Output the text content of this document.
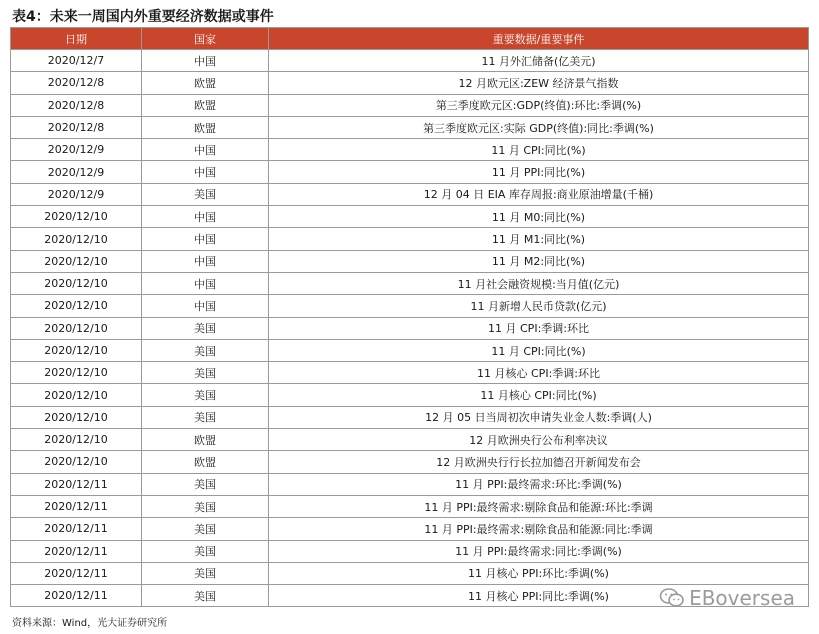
表4：未来一周国内外重要经济数据或事件
日期	国家	重要数据/重要事件
2020/12/7	中国	11 月外汇储备(亿美元)
2020/12/8	欧盟	12 月欧元区:ZEW 经济景气指数
2020/12/8	欧盟	第三季度欧元区:GDP(终值):环比:季调(%)
2020/12/8	欧盟	第三季度欧元区:实际 GDP(终值):同比:季调(%)
2020/12/9	中国	11 月 CPI:同比(%)
2020/12/9	中国	11 月 PPI:同比(%)
2020/12/9	美国	12 月 04 日 EIA 库存周报:商业原油增量(千桶)
2020/12/10	中国	11 月 M0:同比(%)
2020/12/10	中国	11 月 M1:同比(%)
2020/12/10	中国	11 月 M2:同比(%)
2020/12/10	中国	11 月社会融资规模:当月值(亿元)
2020/12/10	中国	11 月新增人民币贷款(亿元)
2020/12/10	美国	11 月 CPI:季调:环比
2020/12/10	美国	11 月 CPI:同比(%)
2020/12/10	美国	11 月核心 CPI:季调:环比
2020/12/10	美国	11 月核心 CPI:同比(%)
2020/12/10	美国	12 月 05 日当周初次申请失业金人数:季调(人)
2020/12/10	欧盟	12 月欧洲央行公布利率决议
2020/12/10	欧盟	12 月欧洲央行行长拉加德召开新闻发布会
2020/12/11	美国	11 月 PPI:最终需求:环比:季调(%)
2020/12/11	美国	11 月 PPI:最终需求:剔除食品和能源:环比:季调
2020/12/11	美国	11 月 PPI:最终需求:剔除食品和能源:同比:季调
2020/12/11	美国	11 月 PPI:最终需求:同比:季调(%)
2020/12/11	美国	11 月核心 PPI:环比:季调(%)
2020/12/11	美国	11 月核心 PPI:同比:季调(%)
资料来源：Wind，光大证券研究所
EBoversea
